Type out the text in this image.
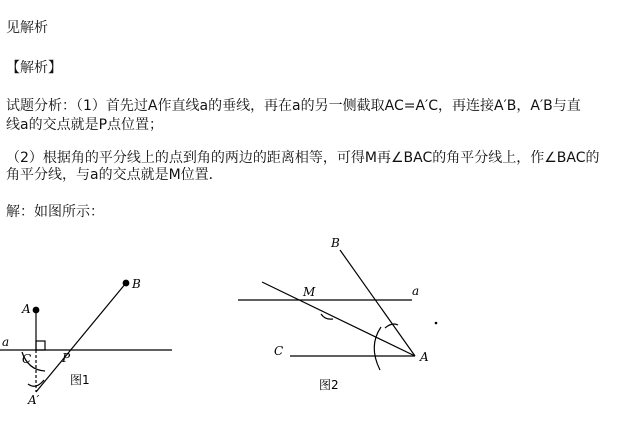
见解析
【解析】
试题分析：（1）首先过A作直线a的垂线，再在a的另一侧截取AC=A′C，再连接A′B，A′B与直
线a的交点就是P点位置；
（2）根据角的平分线上的点到角的两边的距离相等，可得M再∠BAC的角平分线上，作∠BAC的
角平分线，与a的交点就是M位置．
解：如图所示：
A
B
a
C	P
A′
图1
B
M	a
C	A
图2
